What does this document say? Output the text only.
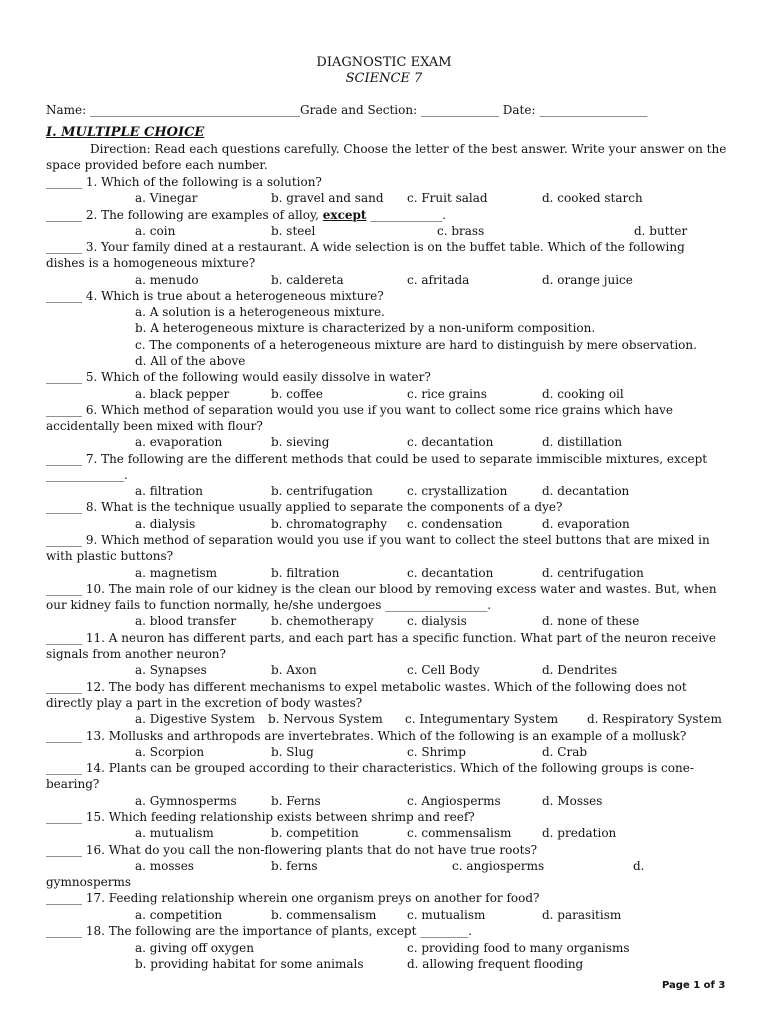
DIAGNOSTIC EXAM
SCIENCE 7
Name: ___________________________________Grade and Section: _____________ Date: __________________
I. MULTIPLE CHOICE
Direction: Read each questions carefully. Choose the letter of the best answer. Write your answer on the
space provided before each number.
______ 1. Which of the following is a solution?
a. Vinegar	b. gravel and sand c. Fruit salad	d. cooked starch
______ 2. The following are examples of alloy, except ____________.
a. coin	b. steel	c. brass	d. butter
______ 3. Your family dined at a restaurant. A wide selection is on the buffet table. Which of the following
dishes is a homogeneous mixture?
a. menudo	b. caldereta	c. afritada	d. orange juice
______ 4. Which is true about a heterogeneous mixture?
a. A solution is a heterogeneous mixture.
b. A heterogeneous mixture is characterized by a non-uniform composition.
c. The components of a heterogeneous mixture are hard to distinguish by mere observation.
d. All of the above
______ 5. Which of the following would easily dissolve in water?
a. black pepper	b. coffee	c. rice grains	d. cooking oil
______ 6. Which method of separation would you use if you want to collect some rice grains which have
accidentally been mixed with flour?
a. evaporation	b. sieving	c. decantation	d. distillation
______ 7. The following are the different methods that could be used to separate immiscible mixtures, except
_____________.
a. filtration	b. centrifugation	c. crystallization	d. decantation
______ 8. What is the technique usually applied to separate the components of a dye?
a. dialysis	b. chromatography c. condensation	d. evaporation
______ 9. Which method of separation would you use if you want to collect the steel buttons that are mixed in
with plastic buttons?
a. magnetism	b. filtration	c. decantation	d. centrifugation
______ 10. The main role of our kidney is the clean our blood by removing excess water and wastes. But, when
our kidney fails to function normally, he/she undergoes _________________.
a. blood transfer	b. chemotherapy	c. dialysis	d. none of these
______ 11. A neuron has different parts, and each part has a specific function. What part of the neuron receive
signals from another neuron?
a. Synapses	b. Axon	c. Cell Body	d. Dendrites
______ 12. The body has different mechanisms to expel metabolic wastes. Which of the following does not
directly play a part in the excretion of body wastes?
a. Digestive System b. Nervous System c. Integumentary System d. Respiratory System
______ 13. Mollusks and arthropods are invertebrates. Which of the following is an example of a mollusk?
a. Scorpion	b. Slug	c. Shrimp	d. Crab
______ 14. Plants can be grouped according to their characteristics. Which of the following groups is cone-
bearing?
a. Gymnosperms	b. Ferns	c. Angiosperms	d. Mosses
______ 15. Which feeding relationship exists between shrimp and reef?
a. mutualism	b. competition	c. commensalism	d. predation
______ 16. What do you call the non-flowering plants that do not have true roots?
a. mosses	b. ferns	c. angiosperms	d.
gymnosperms
______ 17. Feeding relationship wherein one organism preys on another for food?
a. competition	b. commensalism	c. mutualism	d. parasitism
______ 18. The following are the importance of plants, except ________.
a. giving off oxygen	c. providing food to many organisms
b. providing habitat for some animals	d. allowing frequent flooding
Page 1 of 3
